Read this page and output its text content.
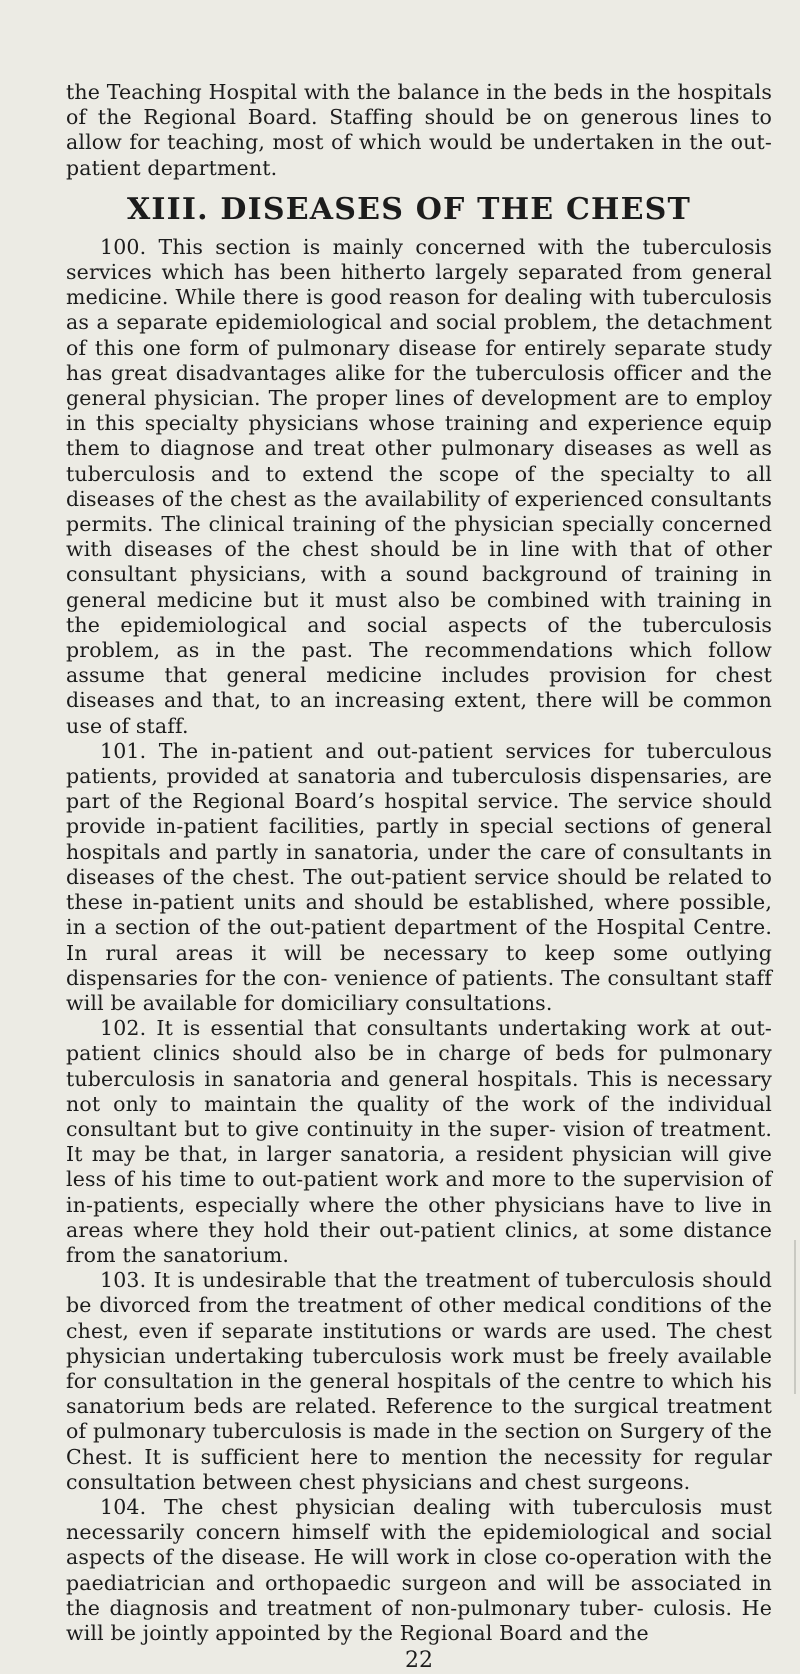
the Teaching Hospital with the balance in the beds in the hospitals of the Regional Board. Staffing should be on generous lines to allow for teaching, most of which would be undertaken in the out-patient department.

XIII. DISEASES OF THE CHEST

100. This section is mainly concerned with the tuberculosis services which has been hitherto largely separated from general medicine. While there is good reason for dealing with tuberculosis as a separate epidemiological and social problem, the detachment of this one form of pulmonary disease for entirely separate study has great disadvantages alike for the tuberculosis officer and the general physician. The proper lines of development are to employ in this specialty physicians whose training and experience equip them to diagnose and treat other pulmonary diseases as well as tuberculosis and to extend the scope of the specialty to all diseases of the chest as the availability of experienced consultants permits. The clinical training of the physician specially concerned with diseases of the chest should be in line with that of other consultant physicians, with a sound background of training in general medicine but it must also be combined with training in the epidemiological and social aspects of the tuberculosis problem, as in the past. The recommendations which follow assume that general medicine includes provision for chest diseases and that, to an increasing extent, there will be common use of staff.

101. The in-patient and out-patient services for tuberculous patients, provided at sanatoria and tuberculosis dispensaries, are part of the Regional Board’s hospital service. The service should provide in-patient facilities, partly in special sections of general hospitals and partly in sanatoria, under the care of consultants in diseases of the chest. The out-patient service should be related to these in-patient units and should be established, where possible, in a section of the out-patient department of the Hospital Centre. In rural areas it will be necessary to keep some outlying dispensaries for the con- venience of patients. The consultant staff will be available for domiciliary consultations.

102. It is essential that consultants undertaking work at out-patient clinics should also be in charge of beds for pulmonary tuberculosis in sanatoria and general hospitals. This is necessary not only to maintain the quality of the work of the individual consultant but to give continuity in the super- vision of treatment. It may be that, in larger sanatoria, a resident physician will give less of his time to out-patient work and more to the supervision of in-patients, especially where the other physicians have to live in areas where they hold their out-patient clinics, at some distance from the sanatorium.

103. It is undesirable that the treatment of tuberculosis should be divorced from the treatment of other medical conditions of the chest, even if separate institutions or wards are used. The chest physician undertaking tuberculosis work must be freely available for consultation in the general hospitals of the centre to which his sanatorium beds are related. Reference to the surgical treatment of pulmonary tuberculosis is made in the section on Surgery of the Chest. It is sufficient here to mention the necessity for regular consultation between chest physicians and chest surgeons.

104. The chest physician dealing with tuberculosis must necessarily concern himself with the epidemiological and social aspects of the disease. He will work in close co-operation with the paediatrician and orthopaedic surgeon and will be associated in the diagnosis and treatment of non-pulmonary tuber- culosis. He will be jointly appointed by the Regional Board and the

22
